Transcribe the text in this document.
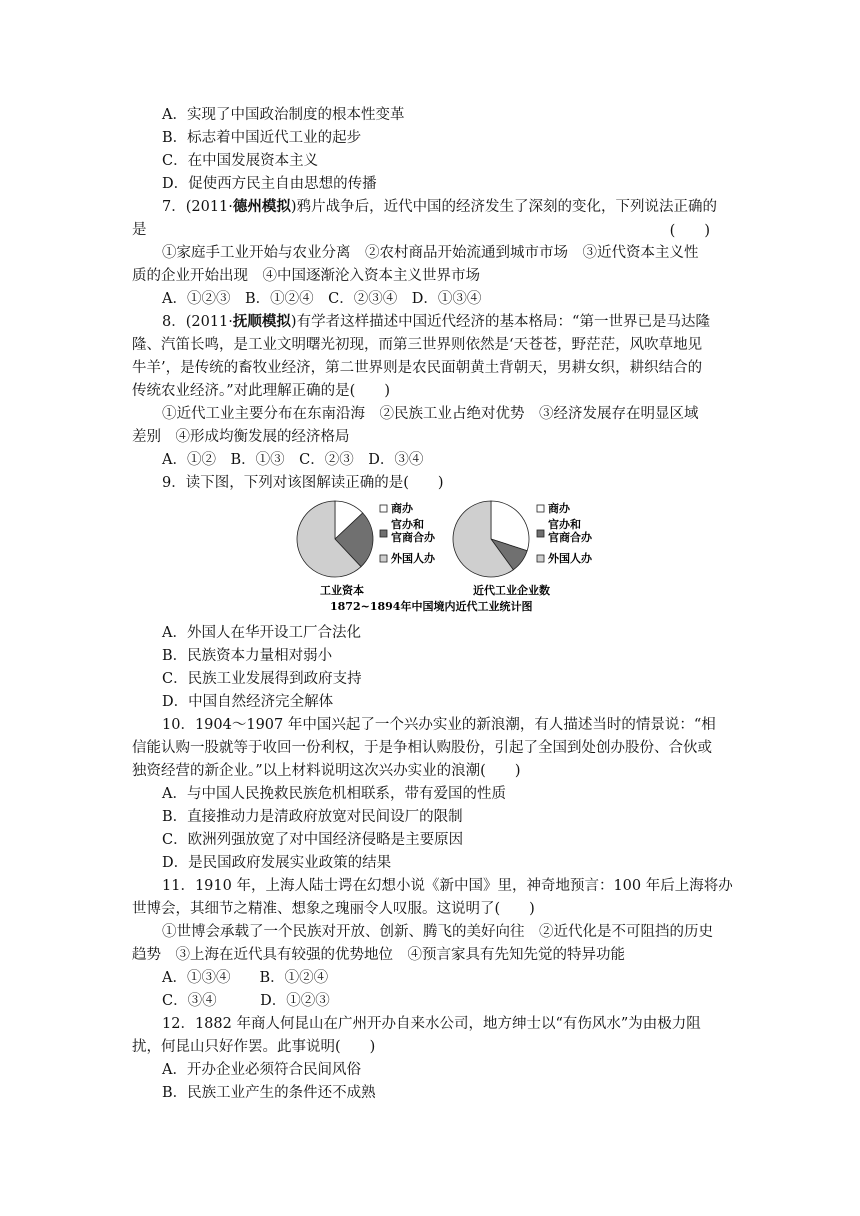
A．实现了中国政治制度的根本性变革
B．标志着中国近代工业的起步
C．在中国发展资本主义
D．促使西方民主自由思想的传播
7．(2011·德州模拟)鸦片战争后，近代中国的经济发生了深刻的变化，下列说法正确的
是	(　　)
①家庭手工业开始与农业分离　②农村商品开始流通到城市市场　③近代资本主义性
质的企业开始出现　④中国逐渐沦入资本主义世界市场
A．①②③　B．①②④　C．②③④　D．①③④
8．(2011·抚顺模拟)有学者这样描述中国近代经济的基本格局：“第一世界已是马达隆
隆、汽笛长鸣，是工业文明曙光初现，而第三世界则依然是‘天苍苍，野茫茫，风吹草地见
牛羊’，是传统的畜牧业经济，第二世界则是农民面朝黄土背朝天，男耕女织，耕织结合的
传统农业经济。”对此理解正确的是(　　)
①近代工业主要分布在东南沿海　②民族工业占绝对优势　③经济发展存在明显区域
差别　④形成均衡发展的经济格局
A．①②　B．①③　C．②③　D．③④
9．读下图，下列对该图解读正确的是(　　)
商办
官办和
官商合办
外国人办
商办
官办和
官商合办
外国人办
工业资本	近代工业企业数
1872~1894年中国境内近代工业统计图
A．外国人在华开设工厂合法化
B．民族资本力量相对弱小
C．民族工业发展得到政府支持
D．中国自然经济完全解体
10．1904～1907 年中国兴起了一个兴办实业的新浪潮，有人描述当时的情景说：“相
信能认购一股就等于收回一份利权，于是争相认购股份，引起了全国到处创办股份、合伙或
独资经营的新企业。”以上材料说明这次兴办实业的浪潮(　　)
A．与中国人民挽救民族危机相联系，带有爱国的性质
B．直接推动力是清政府放宽对民间设厂的限制
C．欧洲列强放宽了对中国经济侵略是主要原因
D．是民国政府发展实业政策的结果
11．1910 年，上海人陆士谔在幻想小说《新中国》里，神奇地预言：100 年后上海将办
世博会，其细节之精准、想象之瑰丽令人叹服。这说明了(　　)
①世博会承载了一个民族对开放、创新、腾飞的美好向往　②近代化是不可阻挡的历史
趋势　③上海在近代具有较强的优势地位　④预言家具有先知先觉的特异功能
A．①③④　　B．①②④
C．③④　　　D．①②③
12．1882 年商人何昆山在广州开办自来水公司，地方绅士以“有伤风水”为由极力阻
扰，何昆山只好作罢。此事说明(　　)
A．开办企业必须符合民间风俗
B．民族工业产生的条件还不成熟
